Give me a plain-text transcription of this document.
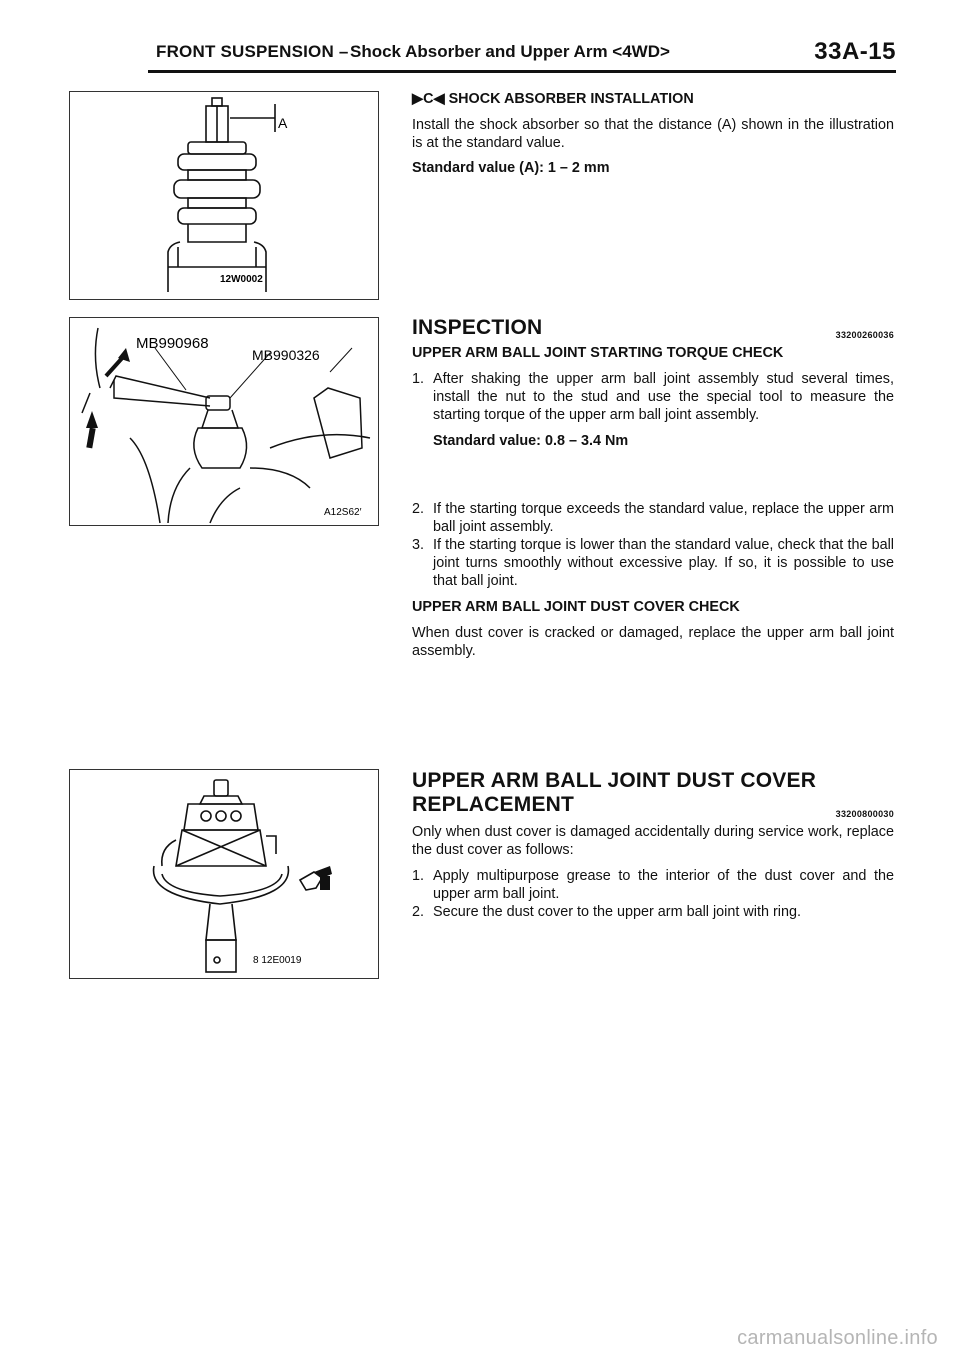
FRONT SUSPENSION – Shock Absorber and Upper Arm <4WD>	33A-15
A
12W0002
MB990968
MB990326
A12S62′
8 12E0019

▶C◀ SHOCK ABSORBER INSTALLATION

Install the shock absorber so that the distance (A) shown in the illustration is at the standard value.

Standard value (A): 1 – 2 mm

INSPECTION	33200260036

UPPER ARM BALL JOINT STARTING TORQUE CHECK

1. After shaking the upper arm ball joint assembly stud several times, install the nut to the stud and use the special tool to measure the starting torque of the upper arm ball joint assembly.

Standard value: 0.8 – 3.4 Nm

2. If the starting torque exceeds the standard value, replace the upper arm ball joint assembly.
3. If the starting torque is lower than the standard value, check that the ball joint turns smoothly without excessive play. If so, it is possible to use that ball joint.

UPPER ARM BALL JOINT DUST COVER CHECK

When dust cover is cracked or damaged, replace the upper arm ball joint assembly.

UPPER ARM BALL JOINT DUST COVER

REPLACEMENT	33200800030

Only when dust cover is damaged accidentally during service work, replace the dust cover as follows:

1. Apply multipurpose grease to the interior of the dust cover and the upper arm ball joint.
2. Secure the dust cover to the upper arm ball joint with ring.
carmanualsonline.info
